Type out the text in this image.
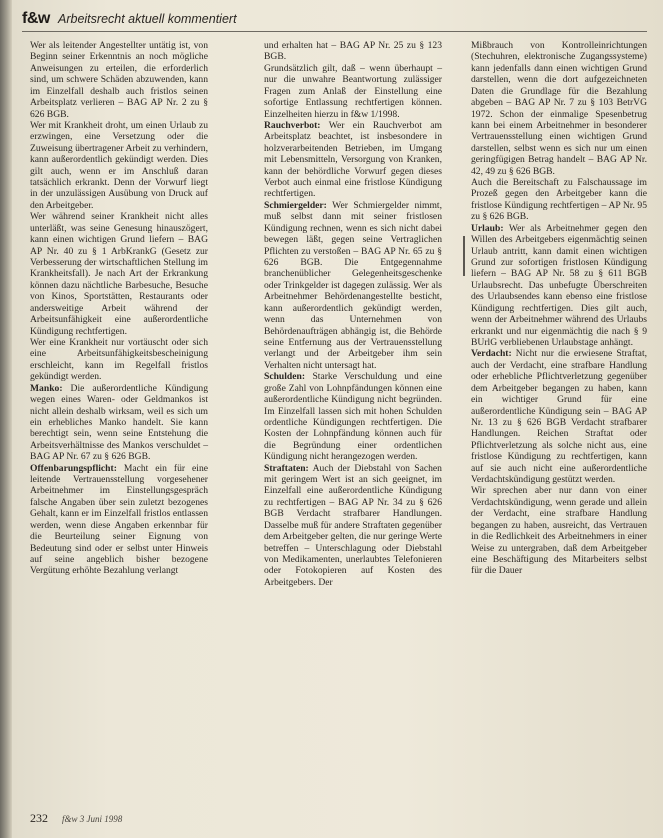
f&w Arbeitsrecht aktuell kommentiert

Wer als leitender Angestellter untätig ist, von Beginn seiner Erkenntnis an noch mögliche Anweisungen zu erteilen, die erforderlich sind, um schwere Schäden abzuwenden, kann im Einzelfall deshalb auch fristlos seinen Arbeitsplatz verlieren – BAG AP Nr. 2 zu § 626 BGB.

Wer mit Krankheit droht, um einen Urlaub zu erzwingen, eine Versetzung oder die Zuweisung übertragener Arbeit zu verhindern, kann außerordentlich gekündigt werden. Dies gilt auch, wenn er im Anschluß daran tatsächlich erkrankt. Denn der Vorwurf liegt in der unzulässigen Ausübung von Druck auf den Arbeitgeber.

Wer während seiner Krankheit nicht alles unterläßt, was seine Genesung hinauszögert, kann einen wichtigen Grund liefern – BAG AP Nr. 40 zu § 1 ArbKrankG (Gesetz zur Verbesserung der wirtschaftlichen Stellung im Krankheitsfall). Je nach Art der Erkrankung können dazu nächtliche Barbesuche, Besuche von Kinos, Sportstätten, Restaurants oder andersweitige Arbeit während der Arbeitsunfähigkeit eine außerordentliche Kündigung rechtfertigen.

Wer eine Krankheit nur vortäuscht oder sich eine Arbeitsunfähigkeitsbescheinigung erschleicht, kann im Regelfall fristlos gekündigt werden.

Manko: Die außerordentliche Kündigung wegen eines Waren- oder Geldmankos ist nicht allein deshalb wirksam, weil es sich um ein erhebliches Manko handelt. Sie kann berechtigt sein, wenn seine Entstehung die Arbeitsverhältnisse des Mankos verschuldet – BAG AP Nr. 67 zu § 626 BGB.

Offenbarungspflicht: Macht ein für eine leitende Vertrauensstellung vorgesehener Arbeitnehmer im Einstellungsgespräch falsche Angaben über sein zuletzt bezogenes Gehalt, kann er im Einzelfall fristlos entlassen werden, wenn diese Angaben erkennbar für die Beurteilung seiner Eignung von Bedeutung sind oder er selbst unter Hinweis auf seine angeblich bisher bezogene Vergütung erhöhte Bezahlung verlangt

und erhalten hat – BAG AP Nr. 25 zu § 123 BGB.

Grundsätzlich gilt, daß – wenn überhaupt – nur die unwahre Beantwortung zulässiger Fragen zum Anlaß der Einstellung eine sofortige Entlassung rechtfertigen können. Einzelheiten hierzu in f&w 1/1998.

Rauchverbot: Wer ein Rauchverbot am Arbeitsplatz beachtet, ist insbesondere in holzverarbeitenden Betrieben, im Umgang mit Lebensmitteln, Versorgung von Kranken, kann der behördliche Vorwurf gegen dieses Verbot auch einmal eine fristlose Kündigung rechtfertigen.

Schmiergelder: Wer Schmiergelder nimmt, muß selbst dann mit seiner fristlosen Kündigung rechnen, wenn es sich nicht dabei bewegen läßt, gegen seine Vertraglichen Pflichten zu verstoßen – BAG AP Nr. 65 zu § 626 BGB. Die Entgegennahme branchenüblicher Gelegenheitsgeschenke oder Trinkgelder ist dagegen zulässig. Wer als Arbeitnehmer Behördenangestellte besticht, kann außerordentlich gekündigt werden, wenn das Unternehmen von Behördenaufträgen abhängig ist, die Behörde seine Entfernung aus der Vertrauensstellung verlangt und der Arbeitgeber ihm sein Verhalten nicht untersagt hat.

Schulden: Starke Verschuldung und eine große Zahl von Lohnpfändungen können eine außerordentliche Kündigung nicht begründen. Im Einzelfall lassen sich mit hohen Schulden ordentliche Kündigungen rechtfertigen. Die Kosten der Lohnpfändung können auch für die Begründung einer ordentlichen Kündigung nicht herangezogen werden.

Straftaten: Auch der Diebstahl von Sachen mit geringem Wert ist an sich geeignet, im Einzelfall eine außerordentliche Kündigung zu rechtfertigen – BAG AP Nr. 34 zu § 626 BGB Verdacht strafbarer Handlungen. Dasselbe muß für andere Straftaten gegenüber dem Arbeitgeber gelten, die nur geringe Werte betreffen – Unterschlagung oder Diebstahl von Medikamenten, unerlaubtes Telefonieren oder Fotokopieren auf Kosten des Arbeitgebers. Der

Mißbrauch von Kontrolleinrichtungen (Stechuhren, elektronische Zugangssysteme) kann jedenfalls dann einen wichtigen Grund darstellen, wenn die dort aufgezeichneten Daten die Grundlage für die Bezahlung abgeben – BAG AP Nr. 7 zu § 103 BetrVG 1972. Schon der einmalige Spesenbetrug kann bei einem Arbeitnehmer in besonderer Vertrauensstellung einen wichtigen Grund darstellen, selbst wenn es sich nur um einen geringfügigen Betrag handelt – BAG AP Nr. 42, 49 zu § 626 BGB.

Auch die Bereitschaft zu Falschaussage im Prozeß gegen den Arbeitgeber kann die fristlose Kündigung rechtfertigen – AP Nr. 95 zu § 626 BGB.

Urlaub: Wer als Arbeitnehmer gegen den Willen des Arbeitgebers eigenmächtig seinen Urlaub antritt, kann damit einen wichtigen Grund zur sofortigen fristlosen Kündigung liefern – BAG AP Nr. 58 zu § 611 BGB Urlaubsrecht. Das unbefugte Überschreiten des Urlaubsendes kann ebenso eine fristlose Kündigung rechtfertigen. Dies gilt auch, wenn der Arbeitnehmer während des Urlaubs erkrankt und nur eigenmächtig die nach § 9 BUrlG verbliebenen Urlaubstage anhängt.

Verdacht: Nicht nur die erwiesene Straftat, auch der Verdacht, eine strafbare Handlung oder erhebliche Pflichtverletzung gegenüber dem Arbeitgeber begangen zu haben, kann ein wichtiger Grund für eine außerordentliche Kündigung sein – BAG AP Nr. 13 zu § 626 BGB Verdacht strafbarer Handlungen. Reichen Straftat oder Pflichtverletzung als solche nicht aus, eine fristlose Kündigung zu rechtfertigen, kann auf sie auch nicht eine außerordentliche Verdachtskündigung gestützt werden.

Wir sprechen aber nur dann von einer Verdachtskündigung, wenn gerade und allein der Verdacht, eine strafbare Handlung begangen zu haben, ausreicht, das Vertrauen in die Redlichkeit des Arbeitnehmers in einer Weise zu untergraben, daß dem Arbeitgeber eine Beschäftigung des Mitarbeiters selbst für die Dauer

232 f&w 3 Juni 1998
